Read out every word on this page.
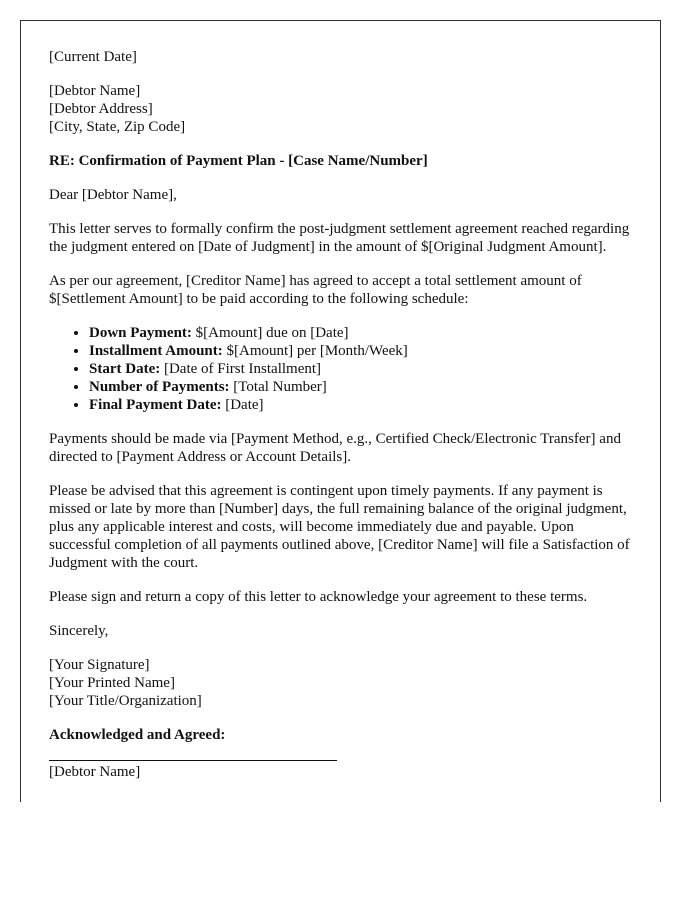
[Current Date]

[Debtor Name]
[Debtor Address]
[City, State, Zip Code]

RE: Confirmation of Payment Plan - [Case Name/Number]

Dear [Debtor Name],

This letter serves to formally confirm the post-judgment settlement agreement reached regarding the judgment entered on [Date of Judgment] in the amount of $[Original Judgment Amount].

As per our agreement, [Creditor Name] has agreed to accept a total settlement amount of $[Settlement Amount] to be paid according to the following schedule:

• Down Payment: $[Amount] due on [Date]
• Installment Amount: $[Amount] per [Month/Week]
• Start Date: [Date of First Installment]
• Number of Payments: [Total Number]
• Final Payment Date: [Date]

Payments should be made via [Payment Method, e.g., Certified Check/Electronic Transfer] and directed to [Payment Address or Account Details].

Please be advised that this agreement is contingent upon timely payments. If any payment is missed or late by more than [Number] days, the full remaining balance of the original judgment, plus any applicable interest and costs, will become immediately due and payable. Upon successful completion of all payments outlined above, [Creditor Name] will file a Satisfaction of Judgment with the court.

Please sign and return a copy of this letter to acknowledge your agreement to these terms.

Sincerely,

[Your Signature]
[Your Printed Name]
[Your Title/Organization]

Acknowledged and Agreed:

[Debtor Name]
